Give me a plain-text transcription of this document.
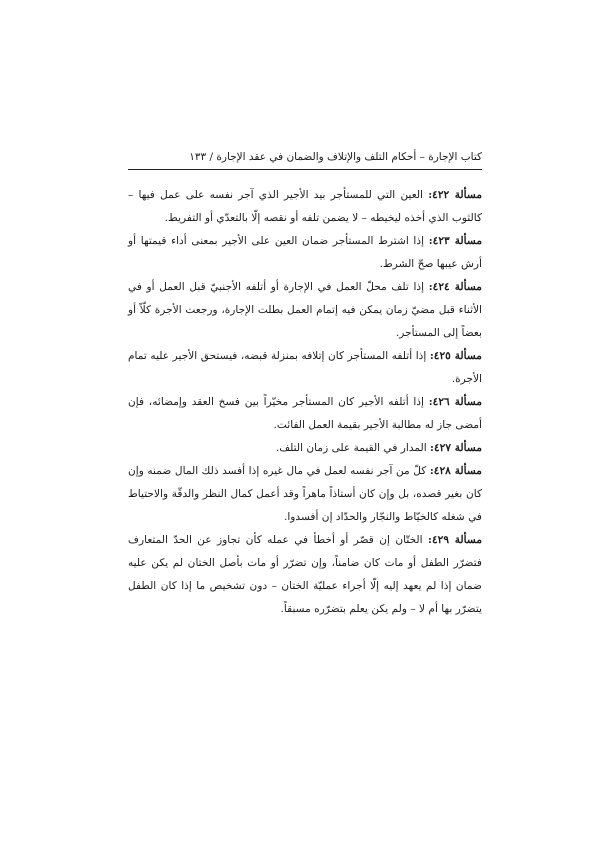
كتاب الإجارة – أحكام التلف والإتلاف والضمان في عقد الإجارة / ١٣٣

مسألة ٤٢٢: العين التي للمستأجر بيد الأجير الذي آجر نفسه على عمل فيها – كالثوب الذي أخذه ليخيطه – لا يضمن تلفه أو نقصه إلّا بالتعدّي أو التفريط.

مسألة ٤٢٣: إذا اشترط المستأجر ضمان العين على الأجير بمعنى أداء قيمتها أو أرش عيبها صحّ الشرط.

مسألة ٤٢٤: إذا تلف محلّ العمل في الإجارة أو أتلفه الأجنبيّ قبل العمل أو في الأثناء قبل مضيّ زمان يمكن فيه إتمام العمل بطلت الإجارة، ورجعت الأجرة كلّاً أو بعضاً إلى المستأجر.

مسألة ٤٢٥: إذا أتلفه المستأجر كان إتلافه بمنزلة قبضه، فيستحق الأجير عليه تمام الأجرة.

مسألة ٤٢٦: إذا أتلفه الأجير كان المستأجر مخيّراً بين فسخ العقد وإمضائه، فإن أمضى جاز له مطالبة الأجير بقيمة العمل الفائت.

مسألة ٤٢٧: المدار في القيمة على زمان التلف.

مسألة ٤٢٨: كلّ من آجر نفسه لعمل في مال غيره إذا أفسد ذلك المال ضمنه وإن كان بغير قصده، بل وإن كان أستاذاً ماهراً وقد أعمل كمال النظر والدقّة والاحتياط في شغله كالخيّاط والنجّار والحدّاد إن أفسدوا.

مسألة ٤٢٩: الختّان إن قصّر أو أخطأ في عمله كأن تجاوز عن الحدّ المتعارف فتضرّر الطفل أو مات كان ضامناً، وإن تضرّر أو مات بأصل الختان لم يكن عليه ضمان إذا لم يعهد إليه إلّا أجراء عمليّة الختان – دون تشخيص ما إذا كان الطفل يتضرّر بها أم لا – ولم يكن يعلم بتضرّره مسبقاً.
